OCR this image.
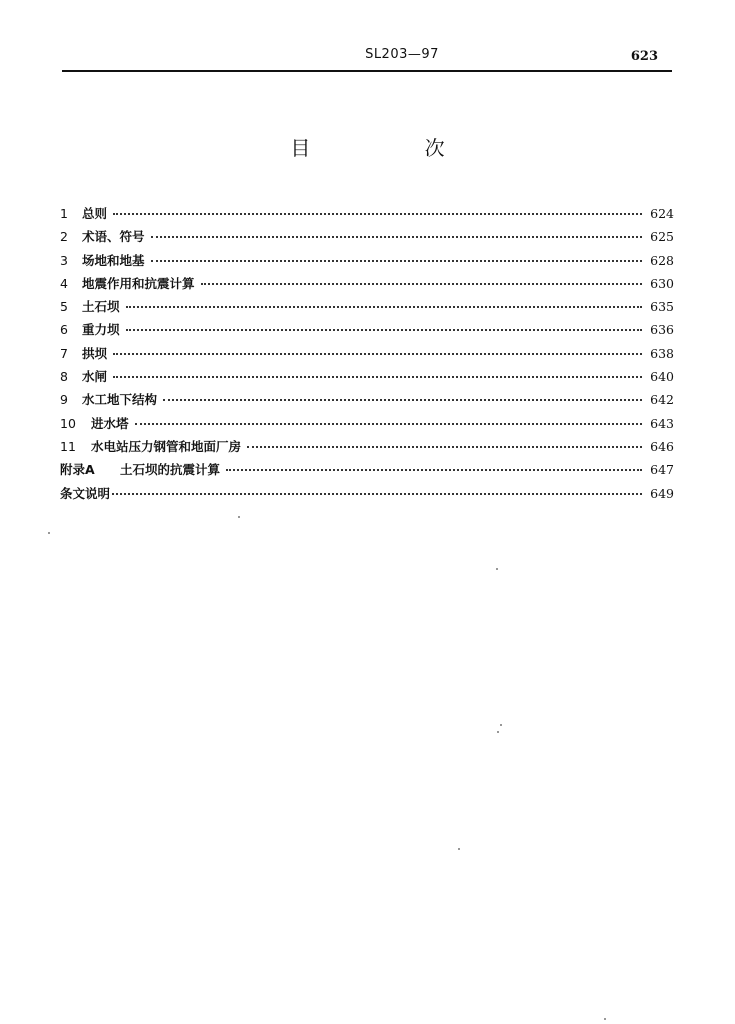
SL203—97	623
目 次
1	总则	624
2	术语、符号	625
3	场地和地基	628
4	地震作用和抗震计算	630
5	土石坝	635
6	重力坝	636
7	拱坝	638
8	水闸	640
9	水工地下结构	642
10	进水塔	643
11	水电站压力钢管和地面厂房	646
附录A	土石坝的抗震计算	647
条文说明	649
